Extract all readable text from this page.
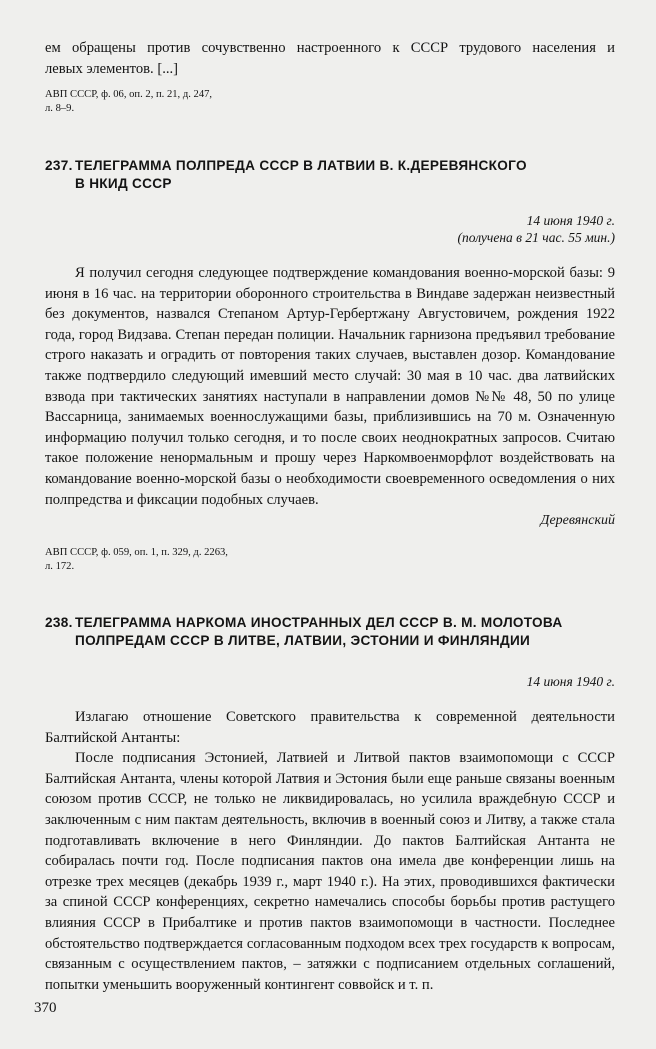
ем обращены против сочувственно настроенного к СССР трудового населения и

левых элементов. [...]

АВП СССР, ф. 06, оп. 2, п. 21, д. 247,
л. 8–9.
237. ТЕЛЕГРАММА ПОЛПРЕДА СССР В ЛАТВИИ В. К.ДЕРЕВЯНСКОГО
В НКИД СССР
14 июня 1940 г.
(получена в 21 час. 55 мин.)

Я получил сегодня следующее подтверждение командования военно-морской базы: 9 июня в 16 час. на территории оборонного строительства в Виндаве задержан неизвестный без документов, назвался Степаном Артур-Гербертжану Августовичем, рождения 1922 года, город Видзава. Степан передан полиции. Начальник гарнизона предъявил требование строго наказать и оградить от повторения таких случаев, выставлен дозор. Командование также подтвердило следующий имевший место случай: 30 мая в 10 час. два латвийских взвода при тактических занятиях наступали в направлении домов №№ 48, 50 по улице Вассарница, занимаемых военнослужащими базы, приблизившись на 70 м. Означенную информацию получил только сегодня, и то после своих неоднократных запросов. Считаю такое положение ненормальным и прошу через Наркомвоенморфлот воздействовать на командование военно-морской базы о необходимости своевременного осведомления о них полпредства и фиксации подобных случаев.

Деревянский
АВП СССР, ф. 059, оп. 1, п. 329, д. 2263,
л. 172.
238. ТЕЛЕГРАММА НАРКОМА ИНОСТРАННЫХ ДЕЛ СССР В. М. МОЛОТОВА
ПОЛПРЕДАМ СССР В ЛИТВЕ, ЛАТВИИ, ЭСТОНИИ И ФИНЛЯНДИИ
14 июня 1940 г.

Излагаю отношение Советского правительства к современной деятельности Балтийской Антанты:

После подписания Эстонией, Латвией и Литвой пактов взаимопомощи с СССР Балтийская Антанта, члены которой Латвия и Эстония были еще раньше связаны военным союзом против СССР, не только не ликвидировалась, но усилила враждебную СССР и заключенным с ним пактам деятельность, включив в военный союз и Литву, а также стала подготавливать включение в него Финляндии. До пактов Балтийская Антанта не собиралась почти год. После подписания пактов она имела две конференции лишь на отрезке трех месяцев (декабрь 1939 г., март 1940 г.). На этих, проводившихся фактически за спиной СССР конференциях, секретно намечались способы борьбы против растущего влияния СССР в Прибалтике и против пактов взаимопомощи в частности. Последнее обстоятельство подтверждается согласованным подходом всех трех государств к вопросам, связанным с осуществлением пактов, – затяжки с подписанием отдельных соглашений, попытки уменьшить вооруженный контингент соввойск и т. п.

370
